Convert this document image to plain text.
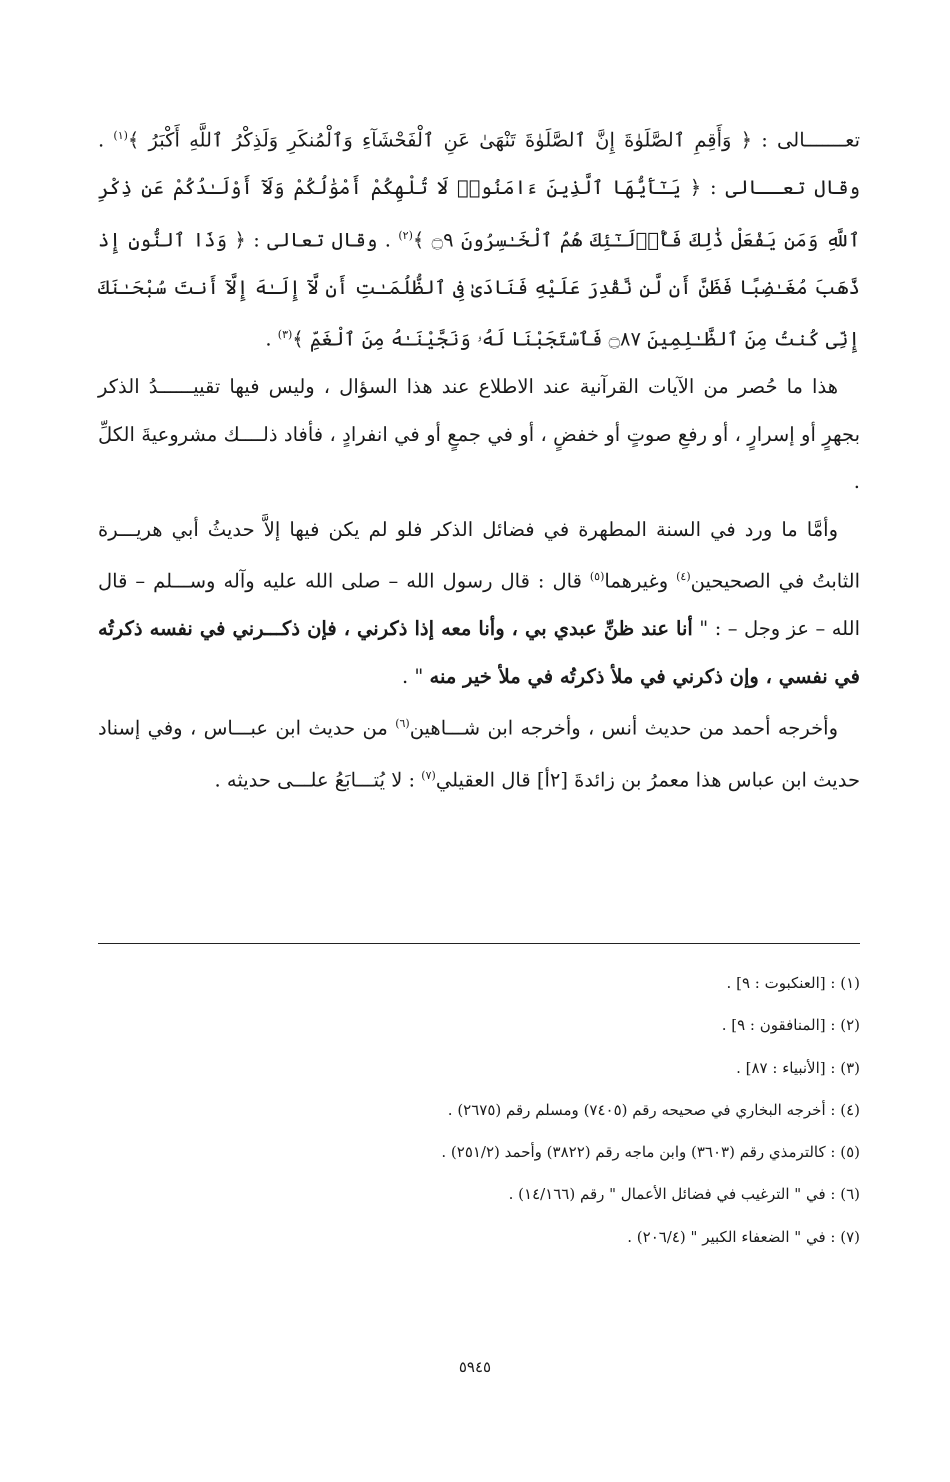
تعـــــــالى : ﴿ وَأَقِمِ ٱلصَّلَوٰةَ إِنَّ ٱلصَّلَوٰةَ تَنْهَىٰ عَنِ ٱلْفَحْشَآءِ وَٱلْمُنكَرِ وَلَذِكْرُ ٱللَّهِ أَكْبَرُ ﴾$^{(١)}$ . وقال تعــالى : ﴿ يَـٰٓأَيُّهَا ٱلَّذِينَ ءَامَنُوا۟ لَا تُلْهِكُمْ أَمْوَٰلُكُمْ وَلَآ أَوْلَـٰدُكُمْ عَن ذِكْرِ ٱللَّهِ وَمَن يَفْعَلْ ذَٰلِكَ فَأُو۟لَـٰٓئِكَ هُمُ ٱلْخَـٰسِرُونَ ۝٩ ﴾$^{(٢)}$ . وقال تعالى : ﴿ وَذَا ٱلنُّونِ إِذ ذَّهَبَ مُغَـٰضِبًا فَظَنَّ أَن لَّن نَّقْدِرَ عَلَيْهِ فَنَادَىٰ فِى ٱلظُّلُمَـٰتِ أَن لَّآ إِلَـٰهَ إِلَّآ أَنتَ سُبْحَـٰنَكَ إِنِّى كُنتُ مِنَ ٱلظَّـٰلِمِينَ ۝٨٧ فَٱسْتَجَبْنَا لَهُۥ وَنَجَّيْنَـٰهُ مِنَ ٱلْغَمِّ ﴾$^{(٣)}$ .

هذا ما حُصر من الآيات القرآنية عند الاطلاع عند هذا السؤال ، وليس فيها تقييــــــدُ الذكر بجهرٍ أو إسرارٍ ، أو رفعِ صوتٍ أو خفضٍ ، أو في جمعٍ أو في انفرادٍ ، فأفاد ذلــــك مشروعيةَ الكلِّ .

وأمَّا ما ورد في السنة المطهرة في فضائل الذكر فلو لم يكن فيها إلاَّ حديثُ أبي هريـــرة الثابتُ في الصحيحين$^{(٤)}$ وغيرهما$^{(٥)}$ قال : قال رسول الله – صلى الله عليه وآله وســـلم – قال الله – عز وجل – : " أنا عند ظنِّ عبدي بي ، وأنا معه إذا ذكرني ، فإن ذكـــرني في نفسه ذكرتُه في نفسي ، وإن ذكرني في ملأ ذكرتُه في ملأ خير منه " .

وأخرجه أحمد من حديث أنس ، وأخرجه ابن شـــاهين$^{(٦)}$ من حديث ابن عبـــاس ، وفي إسناد حديث ابن عباس هذا معمرُ بن زائدةَ [٢أ] قال العقيلي$^{(٧)}$ : لا يُتـــابَعُ علـــى حديثه .

(١) : [العنكبوت : ٩] .
(٢) : [المنافقون : ٩] .
(٣) : [الأنبياء : ٨٧] .
(٤) : أخرجه البخاري في صحيحه رقم (٧٤٠٥) ومسلم رقم (٢٦٧٥) .
(٥) : كالترمذي رقم (٣٦٠٣) وابن ماجه رقم (٣٨٢٢) وأحمد (٢٥١/٢) .
(٦) : في " الترغيب في فضائل الأعمال " رقم (١٤/١٦٦) .
(٧) : في " الضعفاء الكبير " (٢٠٦/٤) .
٥٩٤٥
